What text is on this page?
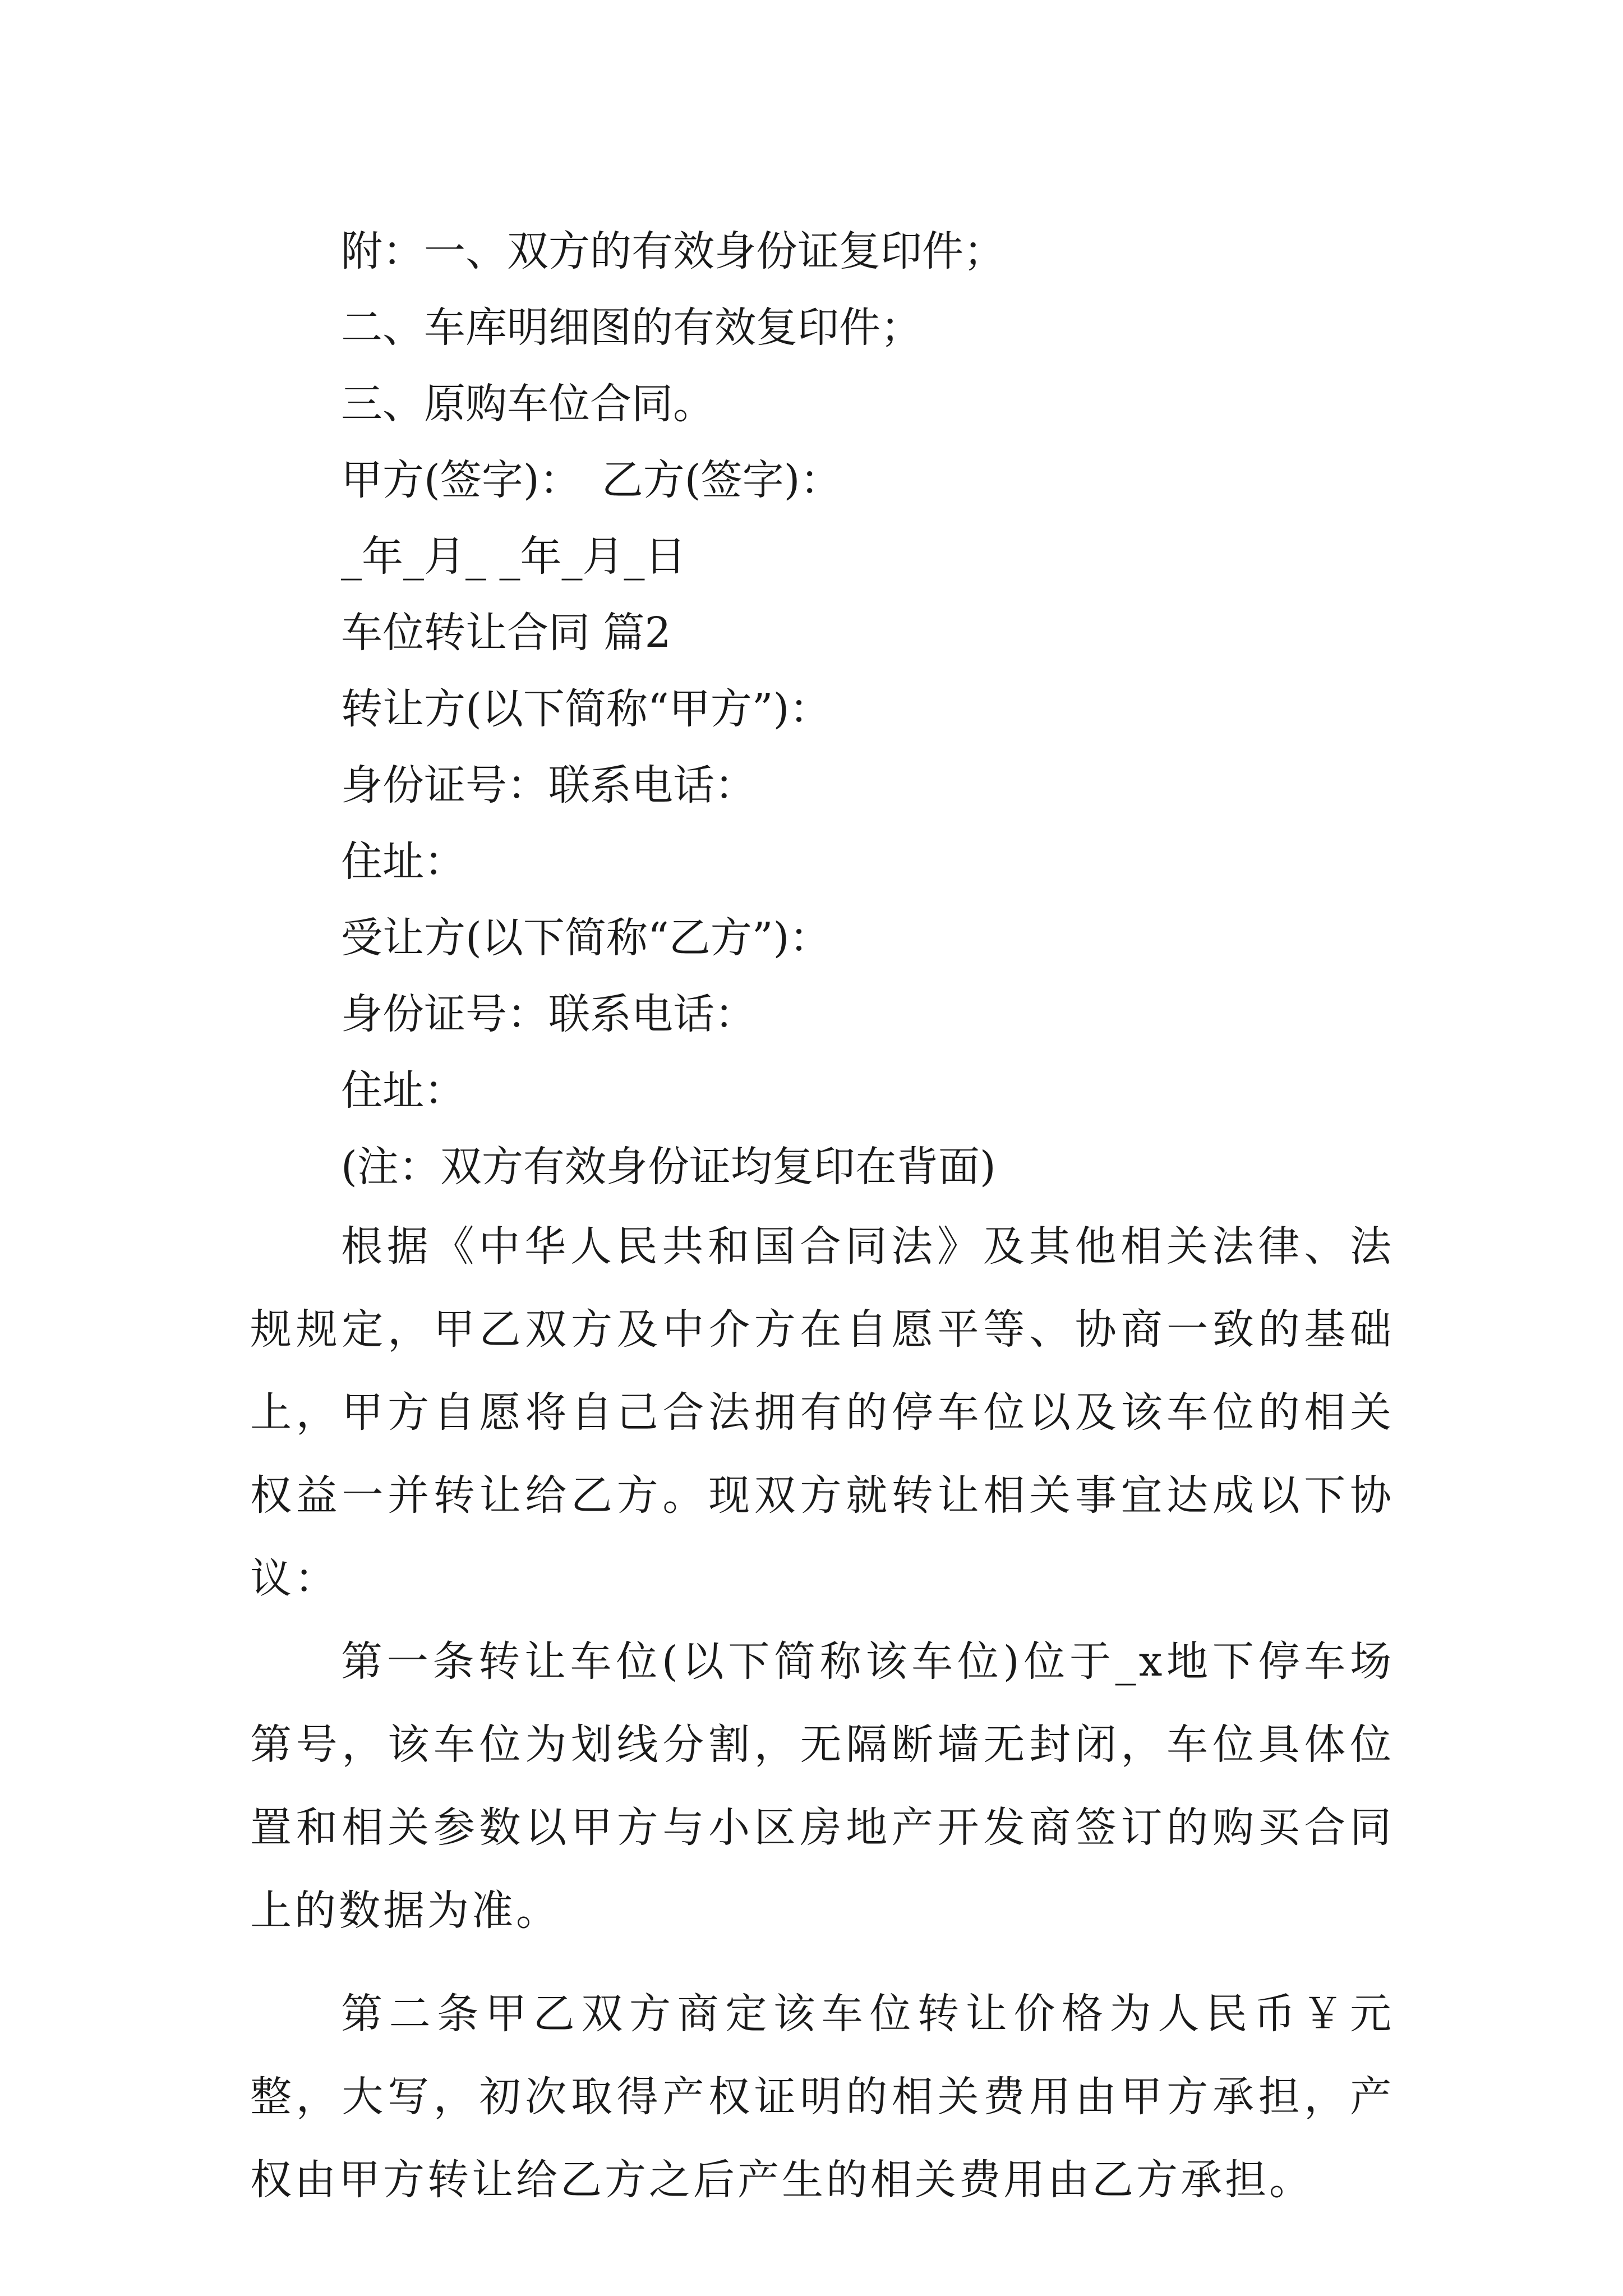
附：一、双方的有效身份证复印件；

二、车库明细图的有效复印件；

三、原购车位合同。

甲方(签字)：　乙方(签字)：

_年_月_ _年_月_日

车位转让合同 篇2

转让方(以下简称“甲方”)：

身份证号：联系电话：

住址：

受让方(以下简称“乙方”)：

身份证号：联系电话：

住址：

(注：双方有效身份证均复印在背面)

根据《中华人民共和国合同法》及其他相关法律、法规规定，甲乙双方及中介方在自愿平等、协商一致的基础上，甲方自愿将自己合法拥有的停车位以及该车位的相关权益一并转让给乙方。现双方就转让相关事宜达成以下协议：

第一条转让车位(以下简称该车位)位于_x地下停车场第号，该车位为划线分割，无隔断墙无封闭，车位具体位置和相关参数以甲方与小区房地产开发商签订的购买合同上的数据为准。

第二条甲乙双方商定该车位转让价格为人民币￥元整，大写，初次取得产权证明的相关费用由甲方承担，产权由甲方转让给乙方之后产生的相关费用由乙方承担。
